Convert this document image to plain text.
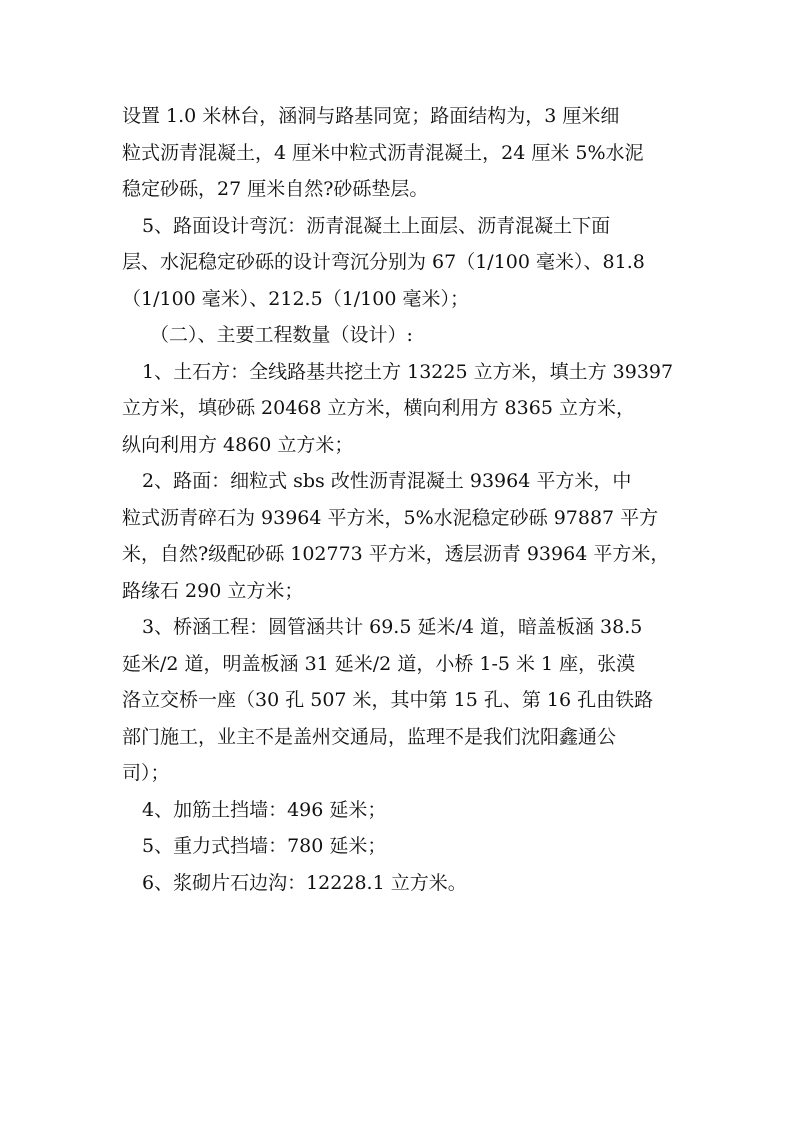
设置 1.0 米林台，涵洞与路基同宽；路面结构为，3 厘米细
粒式沥青混凝土，4 厘米中粒式沥青混凝土，24 厘米 5%水泥
稳定砂砾，27 厘米自然?砂砾垫层。
5、路面设计弯沉：沥青混凝土上面层、沥青混凝土下面
层、水泥稳定砂砾的设计弯沉分别为 67（1/100 毫米）、81.8
（1/100 毫米）、212.5（1/100 毫米）；
（二）、主要工程数量（设计）:
1、土石方：全线路基共挖土方 13225 立方米，填土方 39397
立方米，填砂砾 20468 立方米，横向利用方 8365 立方米，
纵向利用方 4860 立方米；
2、路面：细粒式 sbs 改性沥青混凝土 93964 平方米，中
粒式沥青碎石为 93964 平方米，5%水泥稳定砂砾 97887 平方
米，自然?级配砂砾 102773 平方米，透层沥青 93964 平方米，
路缘石 290 立方米；
3、桥涵工程：圆管涵共计 69.5 延米/4 道，暗盖板涵 38.5
延米/2 道，明盖板涵 31 延米/2 道，小桥 1-5 米 1 座，张漠
洛立交桥一座（30 孔 507 米，其中第 15 孔、第 16 孔由铁路
部门施工，业主不是盖州交通局，监理不是我们沈阳鑫通公
司）；
4、加筋土挡墙：496 延米；
5、重力式挡墙：780 延米；
6、浆砌片石边沟：12228.1 立方米。
